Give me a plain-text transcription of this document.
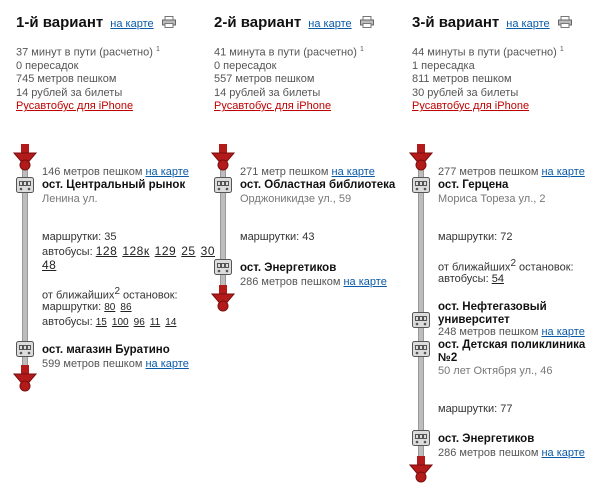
1-й вариант на карте
37 минут в пути (расчетно) $^1$
0 пересадок
745 метров пешком
14 рублей за билеты
Русавтобус для iPhone
146 метров пешком на карте
ост. Центральный рынок
Ленина ул.
маршрутки: 35
автобусы: 128 128к 129 25 30
48
от ближайших$^2$ остановок:
маршрутки: 80 86
автобусы: 15 100 96 11 14
ост. магазин Буратино
599 метров пешком на карте
2-й вариант на карте
41 минута в пути (расчетно) $^1$
0 пересадок
557 метров пешком
14 рублей за билеты
Русавтобус для iPhone
271 метр пешком на карте
ост. Областная библиотека
Орджоникидзе ул., 59
маршрутки: 43
ост. Энергетиков
286 метров пешком на карте
3-й вариант на карте
44 минуты в пути (расчетно) $^1$
1 пересадка
811 метров пешком
30 рублей за билеты
Русавтобус для iPhone
277 метров пешком на карте
ост. Герцена
Мориса Тореза ул., 2
маршрутки: 72
от ближайших$^2$ остановок:
автобусы: 54
ост. Нефтегазовый университет
248 метров пешком на карте
ост. Детская поликлиника №2
50 лет Октября ул., 46
маршрутки: 77
ост. Энергетиков
286 метров пешком на карте
